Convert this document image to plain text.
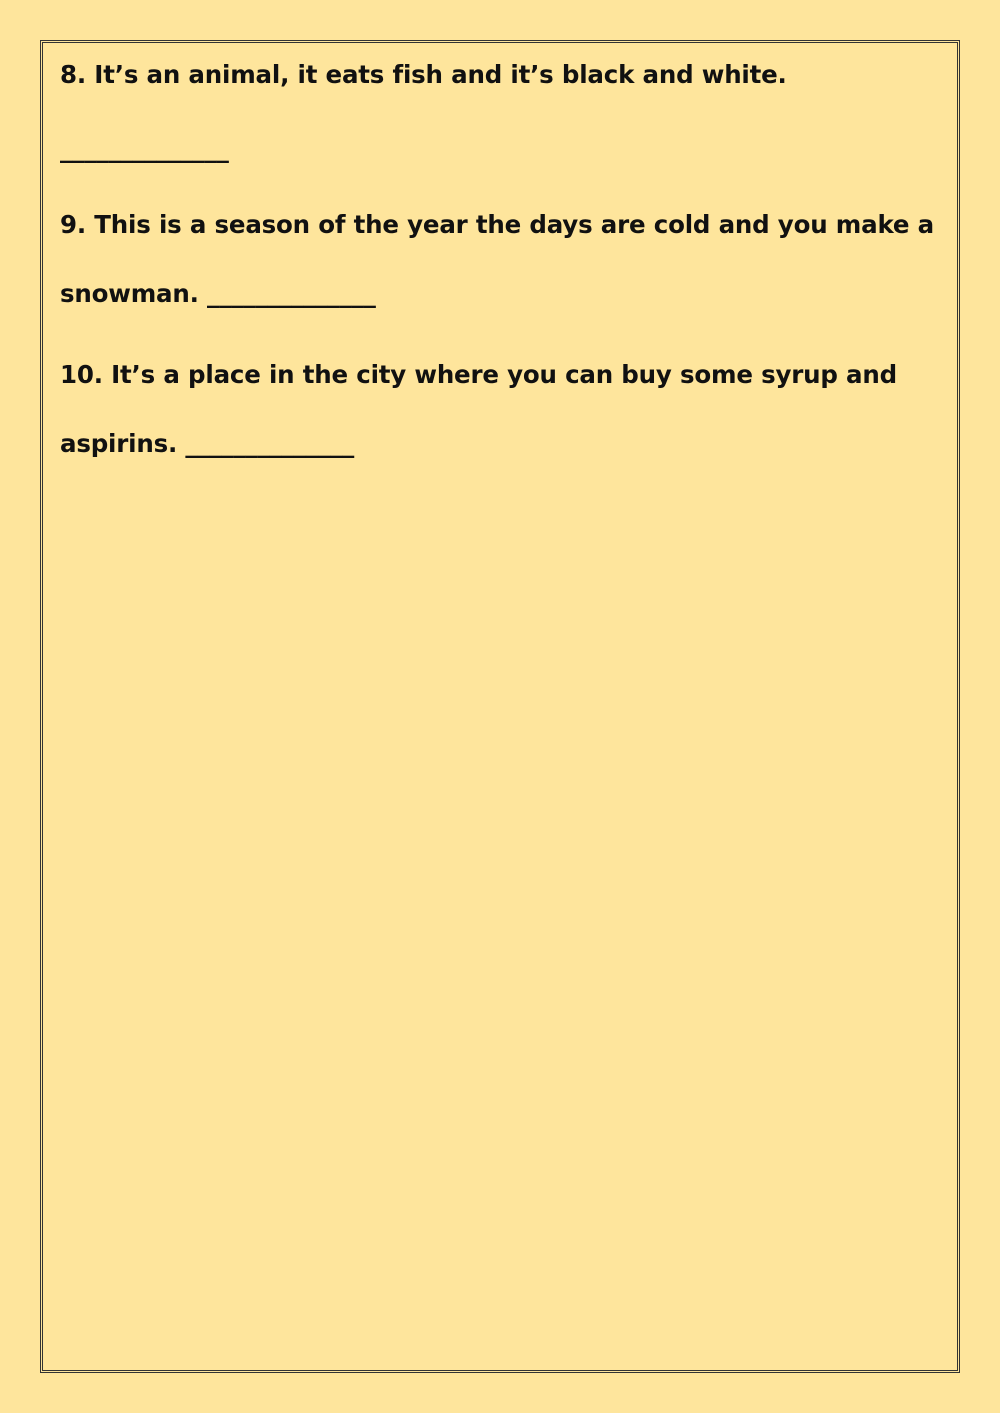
8. It’s an animal, it eats fish and it’s black and white.

______________

9. This is a season of the year the days are cold and you make a

snowman. ______________

10. It’s a place in the city where you can buy some syrup and

aspirins. ______________
